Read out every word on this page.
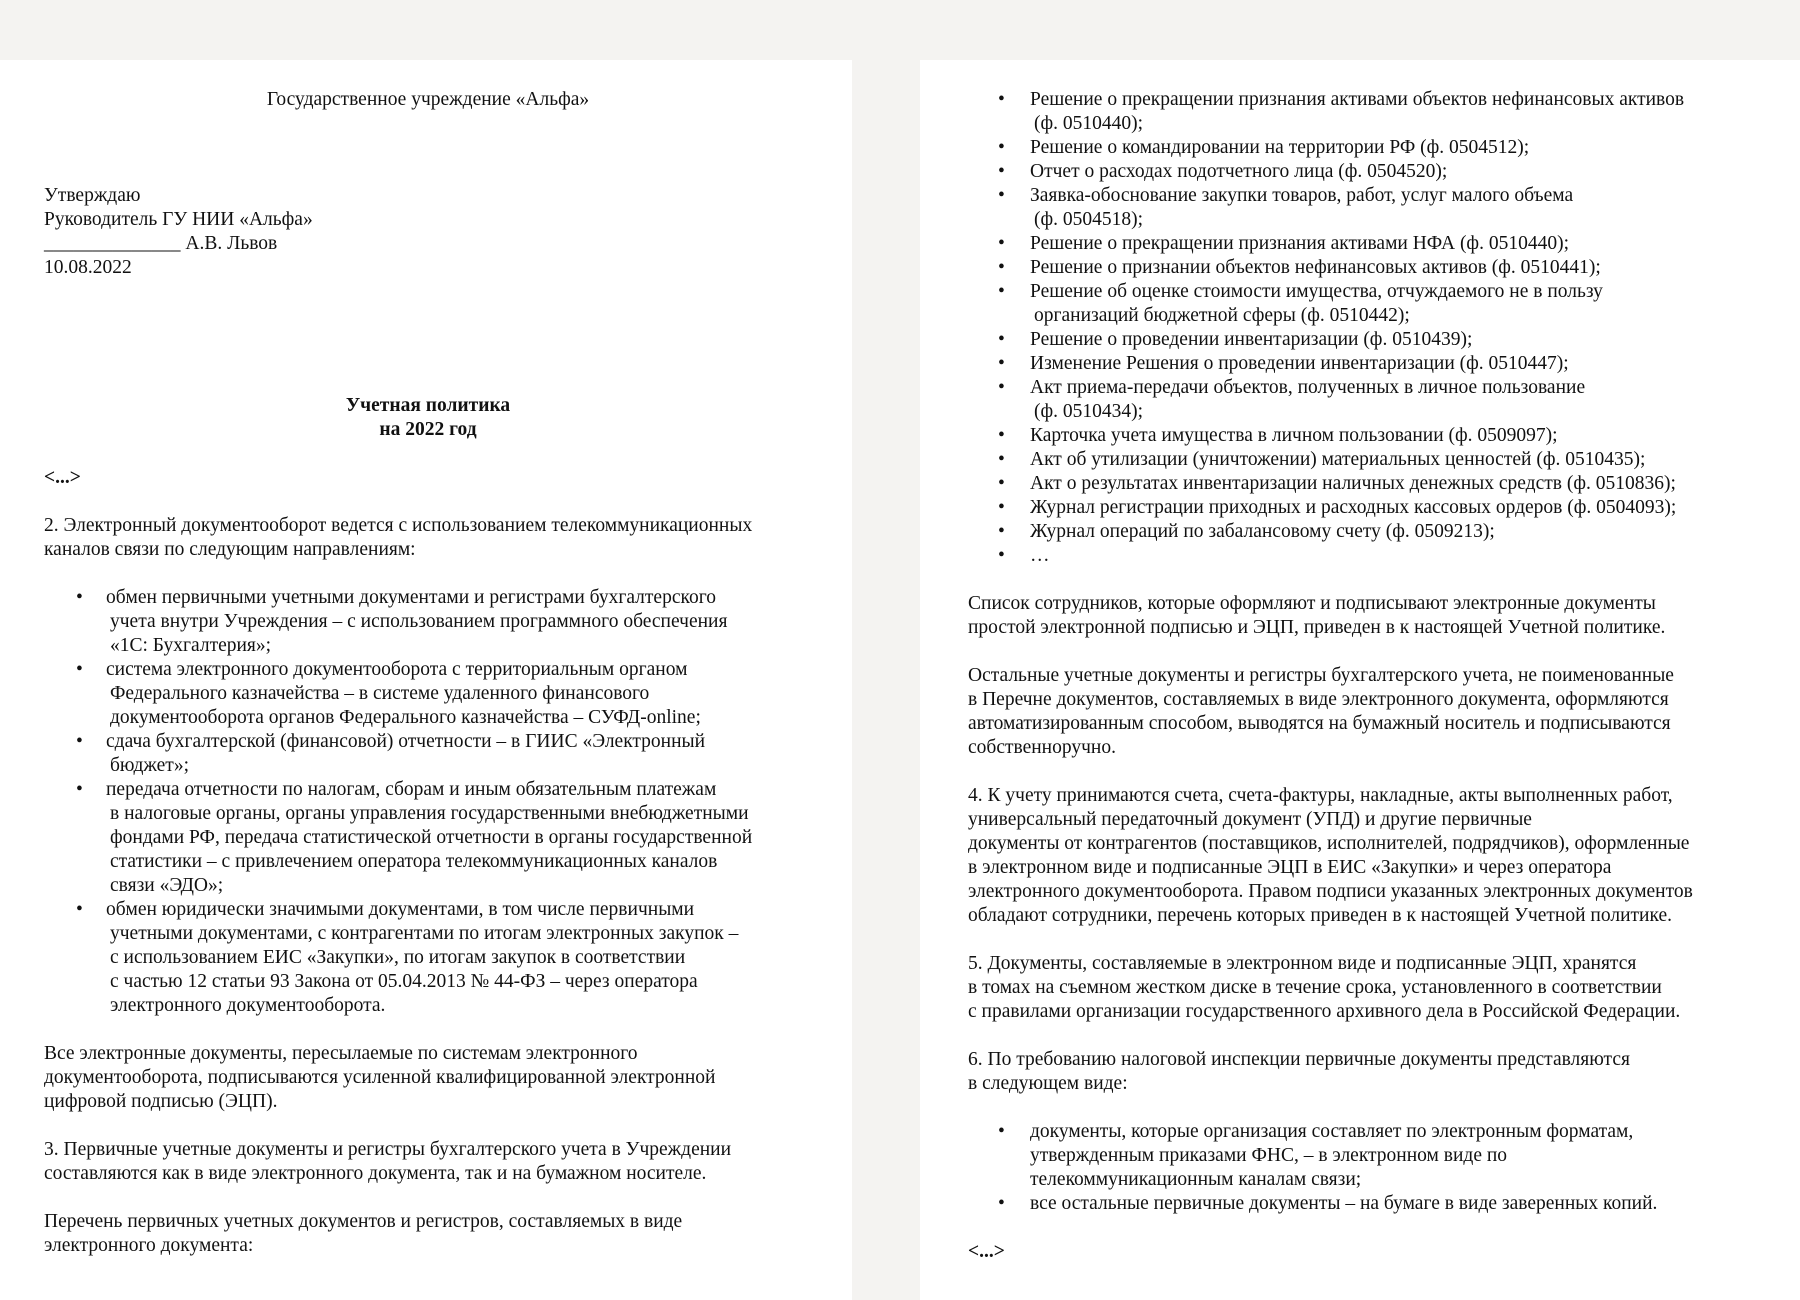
Государственное учреждение «Альфа»
Утверждаю
Руководитель ГУ НИИ «Альфа»
______________ А.В. Львов
10.08.2022
Учетная политика
на 2022 год
<...>

2. Электронный документооборот ведется с использованием телекоммуникационных каналов связи по следующим направлениям:

• обмен первичными учетными документами и регистрами бухгалтерского
учета внутри Учреждения – с использованием программного обеспечения
«1С: Бухгалтерия»;
• система электронного документооборота с территориальным органом
Федерального казначейства – в системе удаленного финансового
документооборота органов Федерального казначейства – СУФД-online;
• сдача бухгалтерской (финансовой) отчетности – в ГИИС «Электронный
бюджет»;
• передача отчетности по налогам, сборам и иным обязательным платежам
в налоговые органы, органы управления государственными внебюджетными
фондами РФ, передача статистической отчетности в органы государственной
статистики – с привлечением оператора телекоммуникационных каналов
связи «ЭДО»;
• обмен юридически значимыми документами, в том числе первичными
учетными документами, с контрагентами по итогам электронных закупок –
с использованием ЕИС «Закупки», по итогам закупок в соответствии
с частью 12 статьи 93 Закона от 05.04.2013 № 44-ФЗ – через оператора
электронного документооборота.

Все электронные документы, пересылаемые по системам электронного
документооборота, подписываются усиленной квалифицированной электронной
цифровой подписью (ЭЦП).

3. Первичные учетные документы и регистры бухгалтерского учета в Учреждении
составляются как в виде электронного документа, так и на бумажном носителе.

Перечень первичных учетных документов и регистров, составляемых в виде
электронного документа:

• Решение о прекращении признания активами объектов нефинансовых активов
(ф. 0510440);
• Решение о командировании на территории РФ (ф. 0504512);
• Отчет о расходах подотчетного лица (ф. 0504520);
• Заявка-обоснование закупки товаров, работ, услуг малого объема
(ф. 0504518);
• Решение о прекращении признания активами НФА (ф. 0510440);
• Решение о признании объектов нефинансовых активов (ф. 0510441);
• Решение об оценке стоимости имущества, отчуждаемого не в пользу
организаций бюджетной сферы (ф. 0510442);
• Решение о проведении инвентаризации (ф. 0510439);
• Изменение Решения о проведении инвентаризации (ф. 0510447);
• Акт приема-передачи объектов, полученных в личное пользование
(ф. 0510434);
• Карточка учета имущества в личном пользовании (ф. 0509097);
• Акт об утилизации (уничтожении) материальных ценностей (ф. 0510435);
• Акт о результатах инвентаризации наличных денежных средств (ф. 0510836);
• Журнал регистрации приходных и расходных кассовых ордеров (ф. 0504093);
• Журнал операций по забалансовому счету (ф. 0509213);
• …

Список сотрудников, которые оформляют и подписывают электронные документы
простой электронной подписью и ЭЦП, приведен в к настоящей Учетной политике.

Остальные учетные документы и регистры бухгалтерского учета, не поименованные
в Перечне документов, составляемых в виде электронного документа, оформляются
автоматизированным способом, выводятся на бумажный носитель и подписываются
собственноручно.

4. К учету принимаются счета, счета-фактуры, накладные, акты выполненных работ,
универсальный передаточный документ (УПД) и другие первичные
документы от контрагентов (поставщиков, исполнителей, подрядчиков), оформленные
в электронном виде и подписанные ЭЦП в ЕИС «Закупки» и через оператора
электронного документооборота. Правом подписи указанных электронных документов
обладают сотрудники, перечень которых приведен в к настоящей Учетной политике.

5. Документы, составляемые в электронном виде и подписанные ЭЦП, хранятся
в томах на съемном жестком диске в течение срока, установленного в соответствии
с правилами организации государственного архивного дела в Российской Федерации.

6. По требованию налоговой инспекции первичные документы представляются
в следующем виде:

• документы, которые организация составляет по электронным форматам,
утвержденным приказами ФНС, – в электронном виде по
телекоммуникационным каналам связи;
• все остальные первичные документы – на бумаге в виде заверенных копий.
<...>
